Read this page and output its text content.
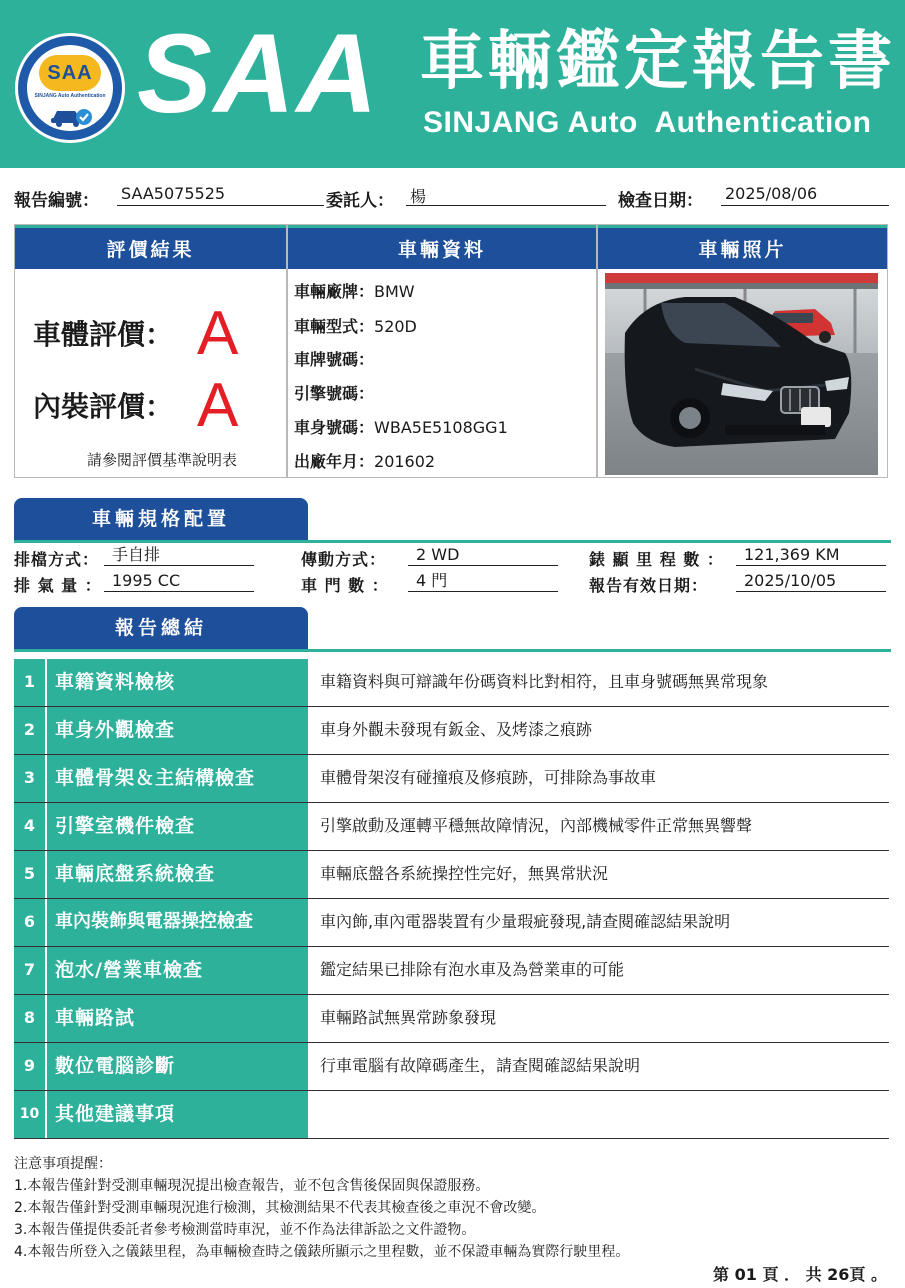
SAA
SINJANG Auto Authentication SAA 車輛鑑定報告書
SINJANG Auto  Authentication
報告編號： SAA5075525	委託人： 楊	檢查日期： 2025/08/06
評價結果
車體評價： A
內裝評價： A
請參閱評價基準說明表
車輛資料
車輛廠牌：BMW
車輛型式：520D
車牌號碼：
引擎號碼：
車身號碼：WBA5E5108GG1
出廠年月：201602
車輛照片
車輛規格配置
排檔方式： 手自排
排 氣 量 ： 1995 CC
傳動方式：	2 WD
車 門 數 ：	4 門
錶 顯 里 程 數 ：	121,369 KM
報告有效日期：	2025/10/05
報告總結
1	車籍資料檢核	車籍資料與可辯識年份碼資料比對相符，且車身號碼無異常現象
2	車身外觀檢查	車身外觀未發現有鈑金、及烤漆之痕跡
3	車體骨架＆主結構檢查	車體骨架沒有碰撞痕及修痕跡，可排除為事故車
4	引擎室機件檢查	引擎啟動及運轉平穩無故障情況，內部機械零件正常無異響聲
5	車輛底盤系統檢查	車輛底盤各系統操控性完好，無異常狀況
6	車內裝飾與電器操控檢查	車內飾,車內電器裝置有少量瑕疵發現,請查閱確認結果說明
7	泡水/營業車檢查	鑑定結果已排除有泡水車及為營業車的可能
8	車輛路試	車輛路試無異常跡象發現
9	數位電腦診斷	行車電腦有故障碼產生，請查閱確認結果說明
10 其他建議事項
注意事項提醒：
1.本報告僅針對受測車輛現況提出檢查報告，並不包含售後保固與保證服務。
2.本報告僅針對受測車輛現況進行檢測，其檢測結果不代表其檢查後之車況不會改變。
3.本報告僅提供委託者參考檢測當時車況，並不作為法律訴訟之文件證物。
4.本報告所登入之儀錶里程，為車輛檢查時之儀錶所顯示之里程數，並不保證車輛為實際行駛里程。
第 01 頁 ． 共 26頁 。
